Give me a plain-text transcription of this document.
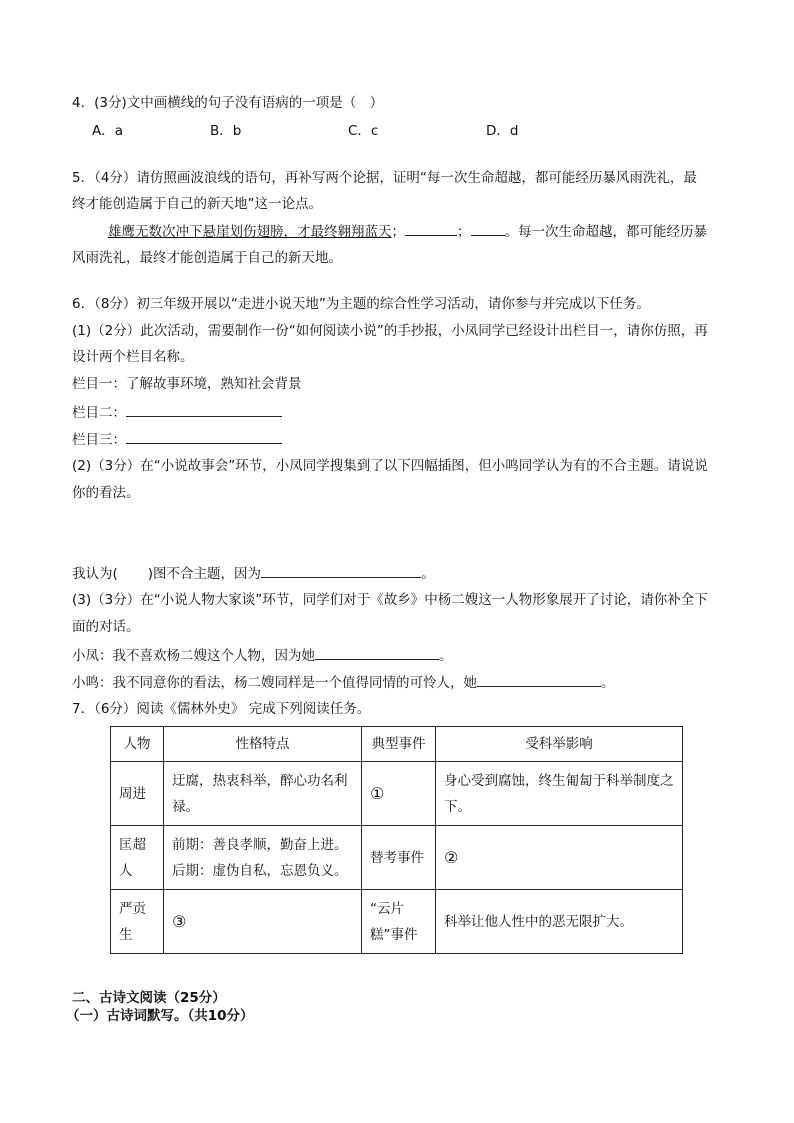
4．(3分)文中画横线的句子没有语病的一项是（　）
A．a	B．b	C．c	D．d
5．（4分）请仿照画波浪线的语句，再补写两个论据，证明“每一次生命超越，都可能经历暴风雨洗礼，最
终才能创造属于自己的新天地”这一论点。
雄鹰无数次冲下悬崖划伤翅膀，才最终翱翔蓝天；	；	。每一次生命超越，都可能经历暴
风雨洗礼，最终才能创造属于自己的新天地。
6．（8分）初三年级开展以“走进小说天地”为主题的综合性学习活动，请你参与并完成以下任务。
(1)（2分）此次活动，需要制作一份“如何阅读小说”的手抄报，小凤同学已经设计出栏目一，请你仿照，再
设计两个栏目名称。
栏目一：了解故事环境，熟知社会背景
栏目二：
栏目三：
(2)（3分）在“小说故事会”环节，小凤同学搜集到了以下四幅插图，但小鸣同学认为有的不合主题。请说说
你的看法。
我认为( )图不合主题，因为	。
(3)（3分）在“小说人物大家谈”环节，同学们对于《故乡》中杨二嫂这一人物形象展开了讨论，请你补全下
面的对话。
小凤：我不喜欢杨二嫂这个人物，因为她	。
小鸣：我不同意你的看法，杨二嫂同样是一个值得同情的可怜人，她	。
7．（6分）阅读《儒林外史》 完成下列阅读任务。
人物	性格特点	典型事件	受科举影响
周进	迂腐，热衷科举，醉心功名利禄。	①	身心受到腐蚀，终生匍匐于科举制度之下。
匡超人	前期：善良孝顺，勤奋上进。
后期：虚伪自私，忘恩负义。	替考事件	②
严贡生	③	“云片糕”事件	科举让他人性中的恶无限扩大。
二、古诗文阅读（25分）
（一）古诗词默写。（共10分）
